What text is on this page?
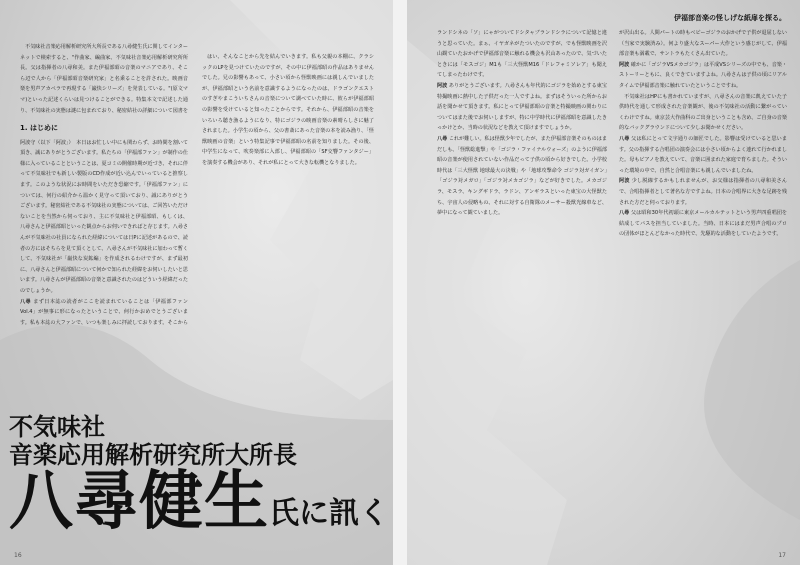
不気味社音楽応用解析研究所大所長である八尋健生氏に関してインターネットで検索すると、"作曲家、編曲家、不気味社音楽応用解析研究所所長。父は指揮者の八尋和美。また伊福部昭の音楽のマニアであり、そこら辺で人から「伊福部昭音楽研究家」と名乗ることを許された。映画音楽を男声アカペラで再現する「巌快シリーズ」を発表している。"(原文ママ)といった記述くらいは見つけることができる。特集本文で記述した通り、不気味社の実態は謎に包まれており、秘密結社の詳細について図書を

1. はじめに

阿波守（以下「阿波」）　本日はお忙しい中にも関わらず、お時間を割いて頂き、誠にありがとうございます。私たちの「伊福部ファン」が制作の仕様に入っていることということは、夏コミの開催時期が近づき、それに伴って不気味社でも新しい製版のCD作成が近い込んでいっていると推察します。このような状況にお時間をいただき恐縮です。「伊福部ファン」については、何行の紹介から温かく見守って頂いており、誠にありがとうございます。秘密結社である不気味社の実態については、ご回答いただけないことを当然から伺っており、主に不気味社と伊福部昭、もしくは、八尋さんと伊福部昭といった観点からお伺いできればと存じます。八尋さんが不気味社の社員になられた経緯については日Pに記述があるので、読者の方にはそちらを見て頂くとして、八尋さんが不気味社に加わって暫くして、不気味社が「巌快な炭鉱編」を作成されるわけですが、まず最初に、八尋さんと伊福部昭について何かで知られた経緯をお伺いしたいと思います。八尋さんが伊福部昭の音楽と意識されたのはどういう経緯だったのでしょうか。

八尋 まず日本誌の読者がここを読まれていることは「伊福部ファンVol.4」が無事に形になったということで、何行かおめでとうございます。私も本誌の大ファンで、いつも楽しみに拝読しております。そこから

はい、そんなことから先を結んでいきます。私も父親の本棚に、クラシックのLPを見つけていたのですが、その中に伊福部昭の作品はありませんでした。兄の影響もあって、小さい頃から怪獣映画には親しんでいましたが、伊福部昭という名前を意識するようになったのは、ドラゴンクエストのすぎやまこういちさんの音楽について調べていた時に、彼らが伊福部昭の影響を受けていると知ったことからです。それから、伊福部昭の音楽をいろいろ聴き漁るようになり、特にゴジラの映画音楽の素晴らしさに魅了されました。小学生の頃から、父の書斎にあった音楽の本を読み漁り、「怪獣映画の音楽」という特集記事で伊福部昭の名前を知りました。その後、中学生になって、吹奏楽部に入部し、伊福部昭の「SF交響ファンタジー」を演奏する機会があり、それが私にとって大きな転機となりました。

不気味社
音楽応用解析研究所大所長
八尋健生氏に訊く
16
伊福部音楽の怪しげな紙扉を探る。

ランドシネの「ソ」にゃがついてドシタャブランドシラについて記憶と違うと思っていた。まぁ、イヤガネがたついたのですが、でも怪獣映画を沢山観ていたおかげで伊福部音楽に触れる機会も沢山あったので、気づいたときには「モスゴジ」M1も「三大怪獣M16「ドレフャミソレア」も聞えてしまったわけです。

阿波 ありがとうございます。八尋さんも年代的にゴジラを始めとする東宝特撮映画に熱中した子供だった一人ですよね。まずはそういった所からお話を聞かせて頂きます。私にとって伊福部昭の音楽と特撮映画の関わりについてはまた後でお伺いしますが、特に中学時代に伊福部昭を意識したきっかけとか、当時の状況などを教えて頂けますでしょうか。

八尋 これが難しい。私は怪獣少年でしたが、また伊福部音楽そのものはまだしも、「怪獣総進撃」や「ゴジラ・ファイナルウォーズ」のように伊福部昭の音楽が使用されていない作品だって子供の頃から好きでした。小学校時代は「三大怪獣 地球最大の決戦」や「地球攻撃命令 ゴジラ対ガイガン」「ゴジラ対メガロ」「ゴジラ対メカゴジラ」などが好きでした。メカゴジラ、モスラ、キングギドラ、ラドン、アンギラスといった東宝の大怪獣たち、宇宙人の侵略もの、それに対する自衛隊のメーサー殺獣光線車など、夢中になって観ていました。

が沢山出る。人間パートの時もベビーゴジラのおかげで子供が退屈しない（当家で実験済み）。何より盛大なスーパー大作という感じがして、伊福部音楽も満載で、サントラもたくさん出ていた。

阿波 確かに「ゴジラVSメカゴジラ」は平成VSシリーズの中でも、音楽・ストーリーともに、良くできていますよね。八尋さんは子供の頃にリアルタイムで伊福部音楽に触れていたということですね。

不気味社はHPにも書かれていますが、八尋さんの音楽に飢えていた子供時代を通して形成された音楽観が、後の不気味社の活動に繋がっていくわけですね。東京芸大作曲科のご出身ということも含め、ご自身の音楽的なバックグラウンドについて少しお聞かせください。

八尋 父は私にとって文字通りの師匠でした。影響は受けていると思います。父の指揮する合唱団の演奏会には小さい頃からよく連れて行かれました。母もピアノを教えていて、音楽に囲まれた家庭で育ちました。そういった環境の中で、自然と合唱音楽にも親しんでいましたね。

阿波 少し脱線するかもしれませんが、お父様は指揮者の八尋和美さんで、合唱指揮者として著名な方ですよね。日本の合唱界に大きな足跡を残された方だと伺っております。

八尋 父は昭和30年代初頭に東京メールカルテットという男声四重唱団を結成してバスを担当していました。当時、日本にはまだ男声合唱のプロの団体がほとんどなかった時代で、先駆的な活動をしていたようです。

17
